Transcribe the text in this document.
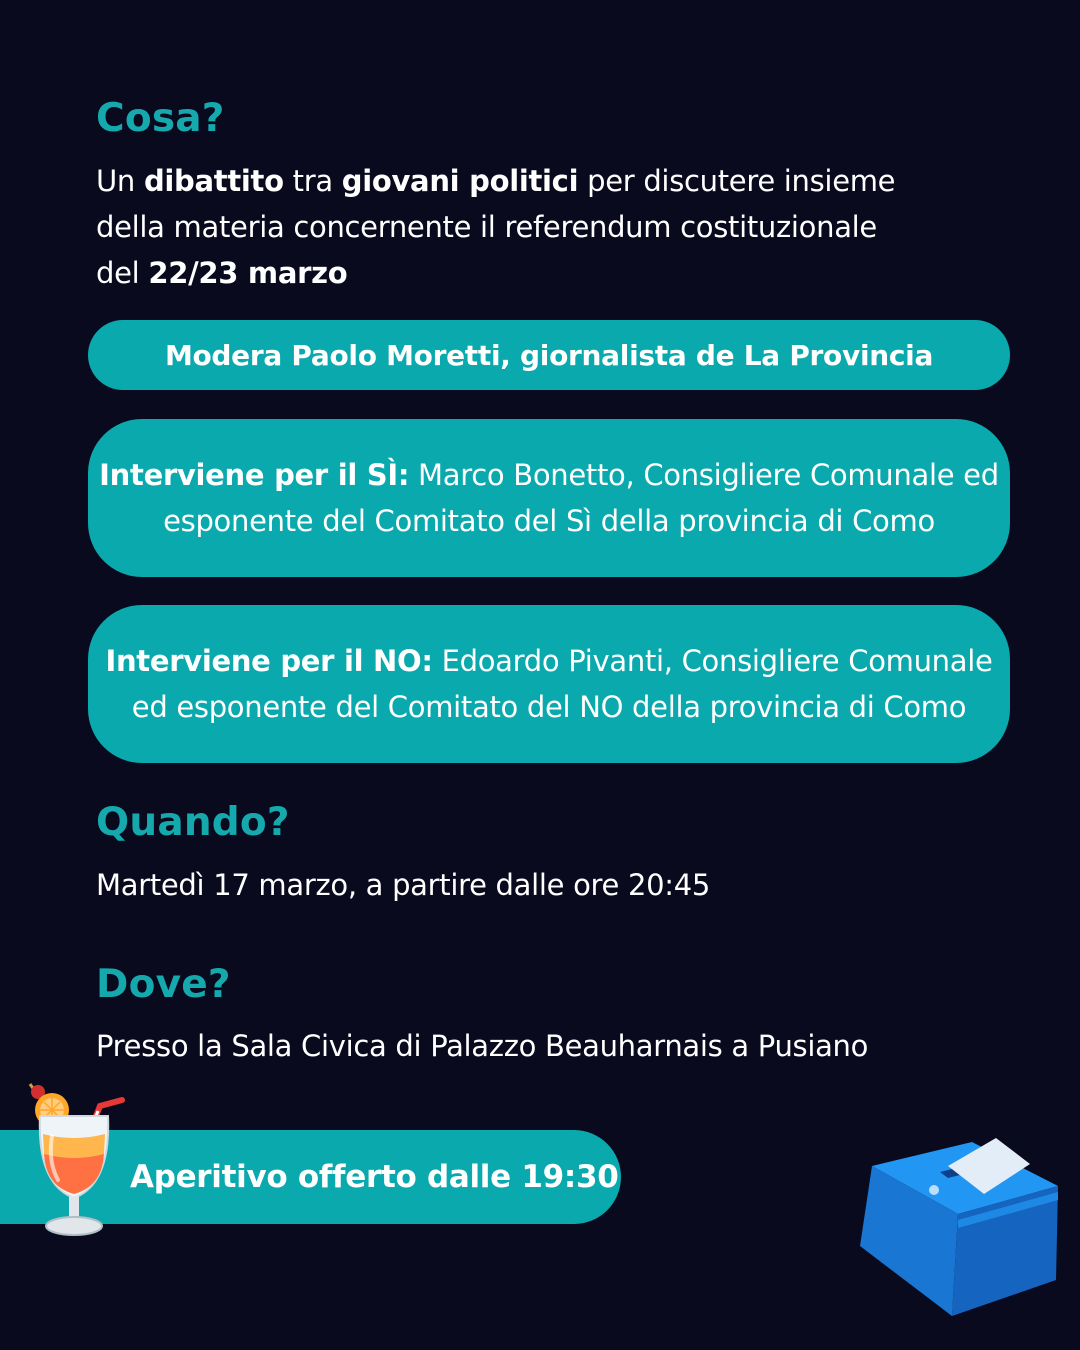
Cosa?

Un dibattito tra giovani politici per discutere insieme
della materia concernente il referendum costituzionale
del 22/23 marzo

Modera Paolo Moretti, giornalista de La Provincia
Interviene per il SÌ: Marco Bonetto, Consigliere Comunale ed
esponente del Comitato del Sì della provincia di Como
Interviene per il NO: Edoardo Pivanti, Consigliere Comunale
ed esponente del Comitato del NO della provincia di Como
Quando?

Martedì 17 marzo, a partire dalle ore 20:45

Dove?

Presso la Sala Civica di Palazzo Beauharnais a Pusiano

Aperitivo offerto dalle 19:30
